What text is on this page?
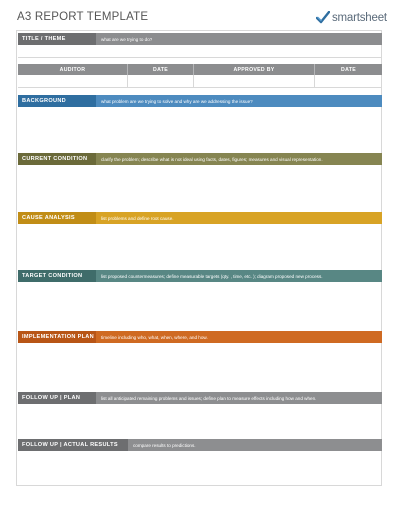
A3 REPORT TEMPLATE	smartsheet
TITLE / THEME	what are we trying to do?
AUDITOR	DATE	APPROVED BY	DATE
BACKGROUND	what problem are we trying to solve and why are we addressing the issue?
CURRENT CONDITION	clarify the problem; describe what is not ideal using facts, dates, figures; measures and visual representation.
CAUSE ANALYSIS	list problems and define root cause.
TARGET CONDITION	list proposed countermeasures; define measurable targets (qty. , time, etc. ); diagram proposed new process.
IMPLEMENTATION PLAN	timeline including who, what, when, where, and how.
FOLLOW UP | PLAN	list all anticipated remaining problems and issues; define plan to measure effects including how and when.
FOLLOW UP | ACTUAL RESULTS	compare results to predictions.
